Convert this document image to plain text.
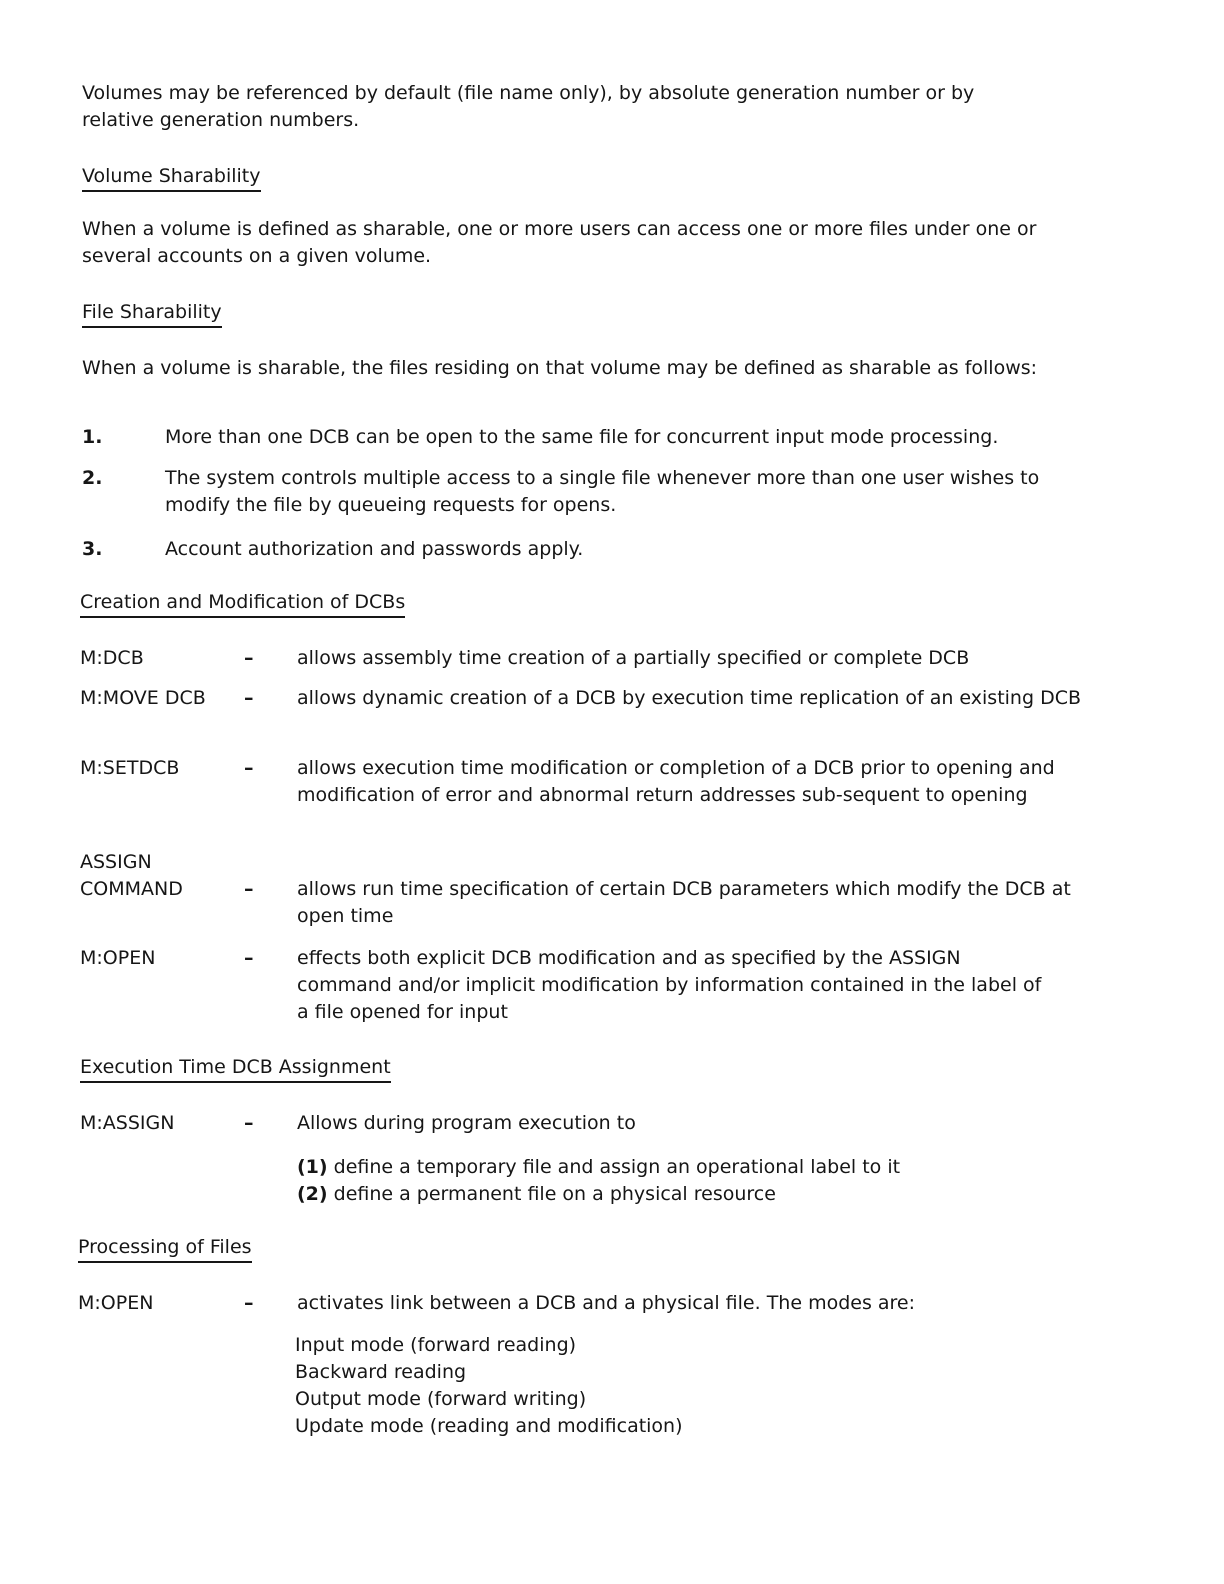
Volumes may be referenced by default (file name only), by absolute generation number or by relative generation numbers.
Volume Sharability
When a volume is defined as sharable, one or more users can access one or more files under one or several accounts on a given volume.
File Sharability
When a volume is sharable, the files residing on that volume may be defined as sharable as follows:
1.	More than one DCB can be open to the same file for concurrent input mode processing.
2.	The system controls multiple access to a single file whenever more than one user wishes to modify the file by queueing requests for opens.
3.	Account authorization and passwords apply.
Creation and Modification of DCBs
M:DCB	– allows assembly time creation of a partially specified or complete DCB
M:MOVE DCB – allows dynamic creation of a DCB by execution time replication of an existing DCB
M:SETDCB	– allows execution time modification or completion of a DCB prior to opening and modification of error and abnormal return addresses sub-sequent to opening
ASSIGN
COMMAND	– allows run time specification of certain DCB parameters which modify the DCB at open time
M:OPEN	– effects both explicit DCB modification and as specified by the ASSIGN command and/or implicit modification by information contained in the label of a file opened for input
Execution Time DCB Assignment
M:ASSIGN	– Allows during program execution to
(1) define a temporary file and assign an operational label to it
(2) define a permanent file on a physical resource
Processing of Files
M:OPEN	– activates link between a DCB and a physical file. The modes are:
Input mode (forward reading)
Backward reading
Output mode (forward writing)
Update mode (reading and modification)
